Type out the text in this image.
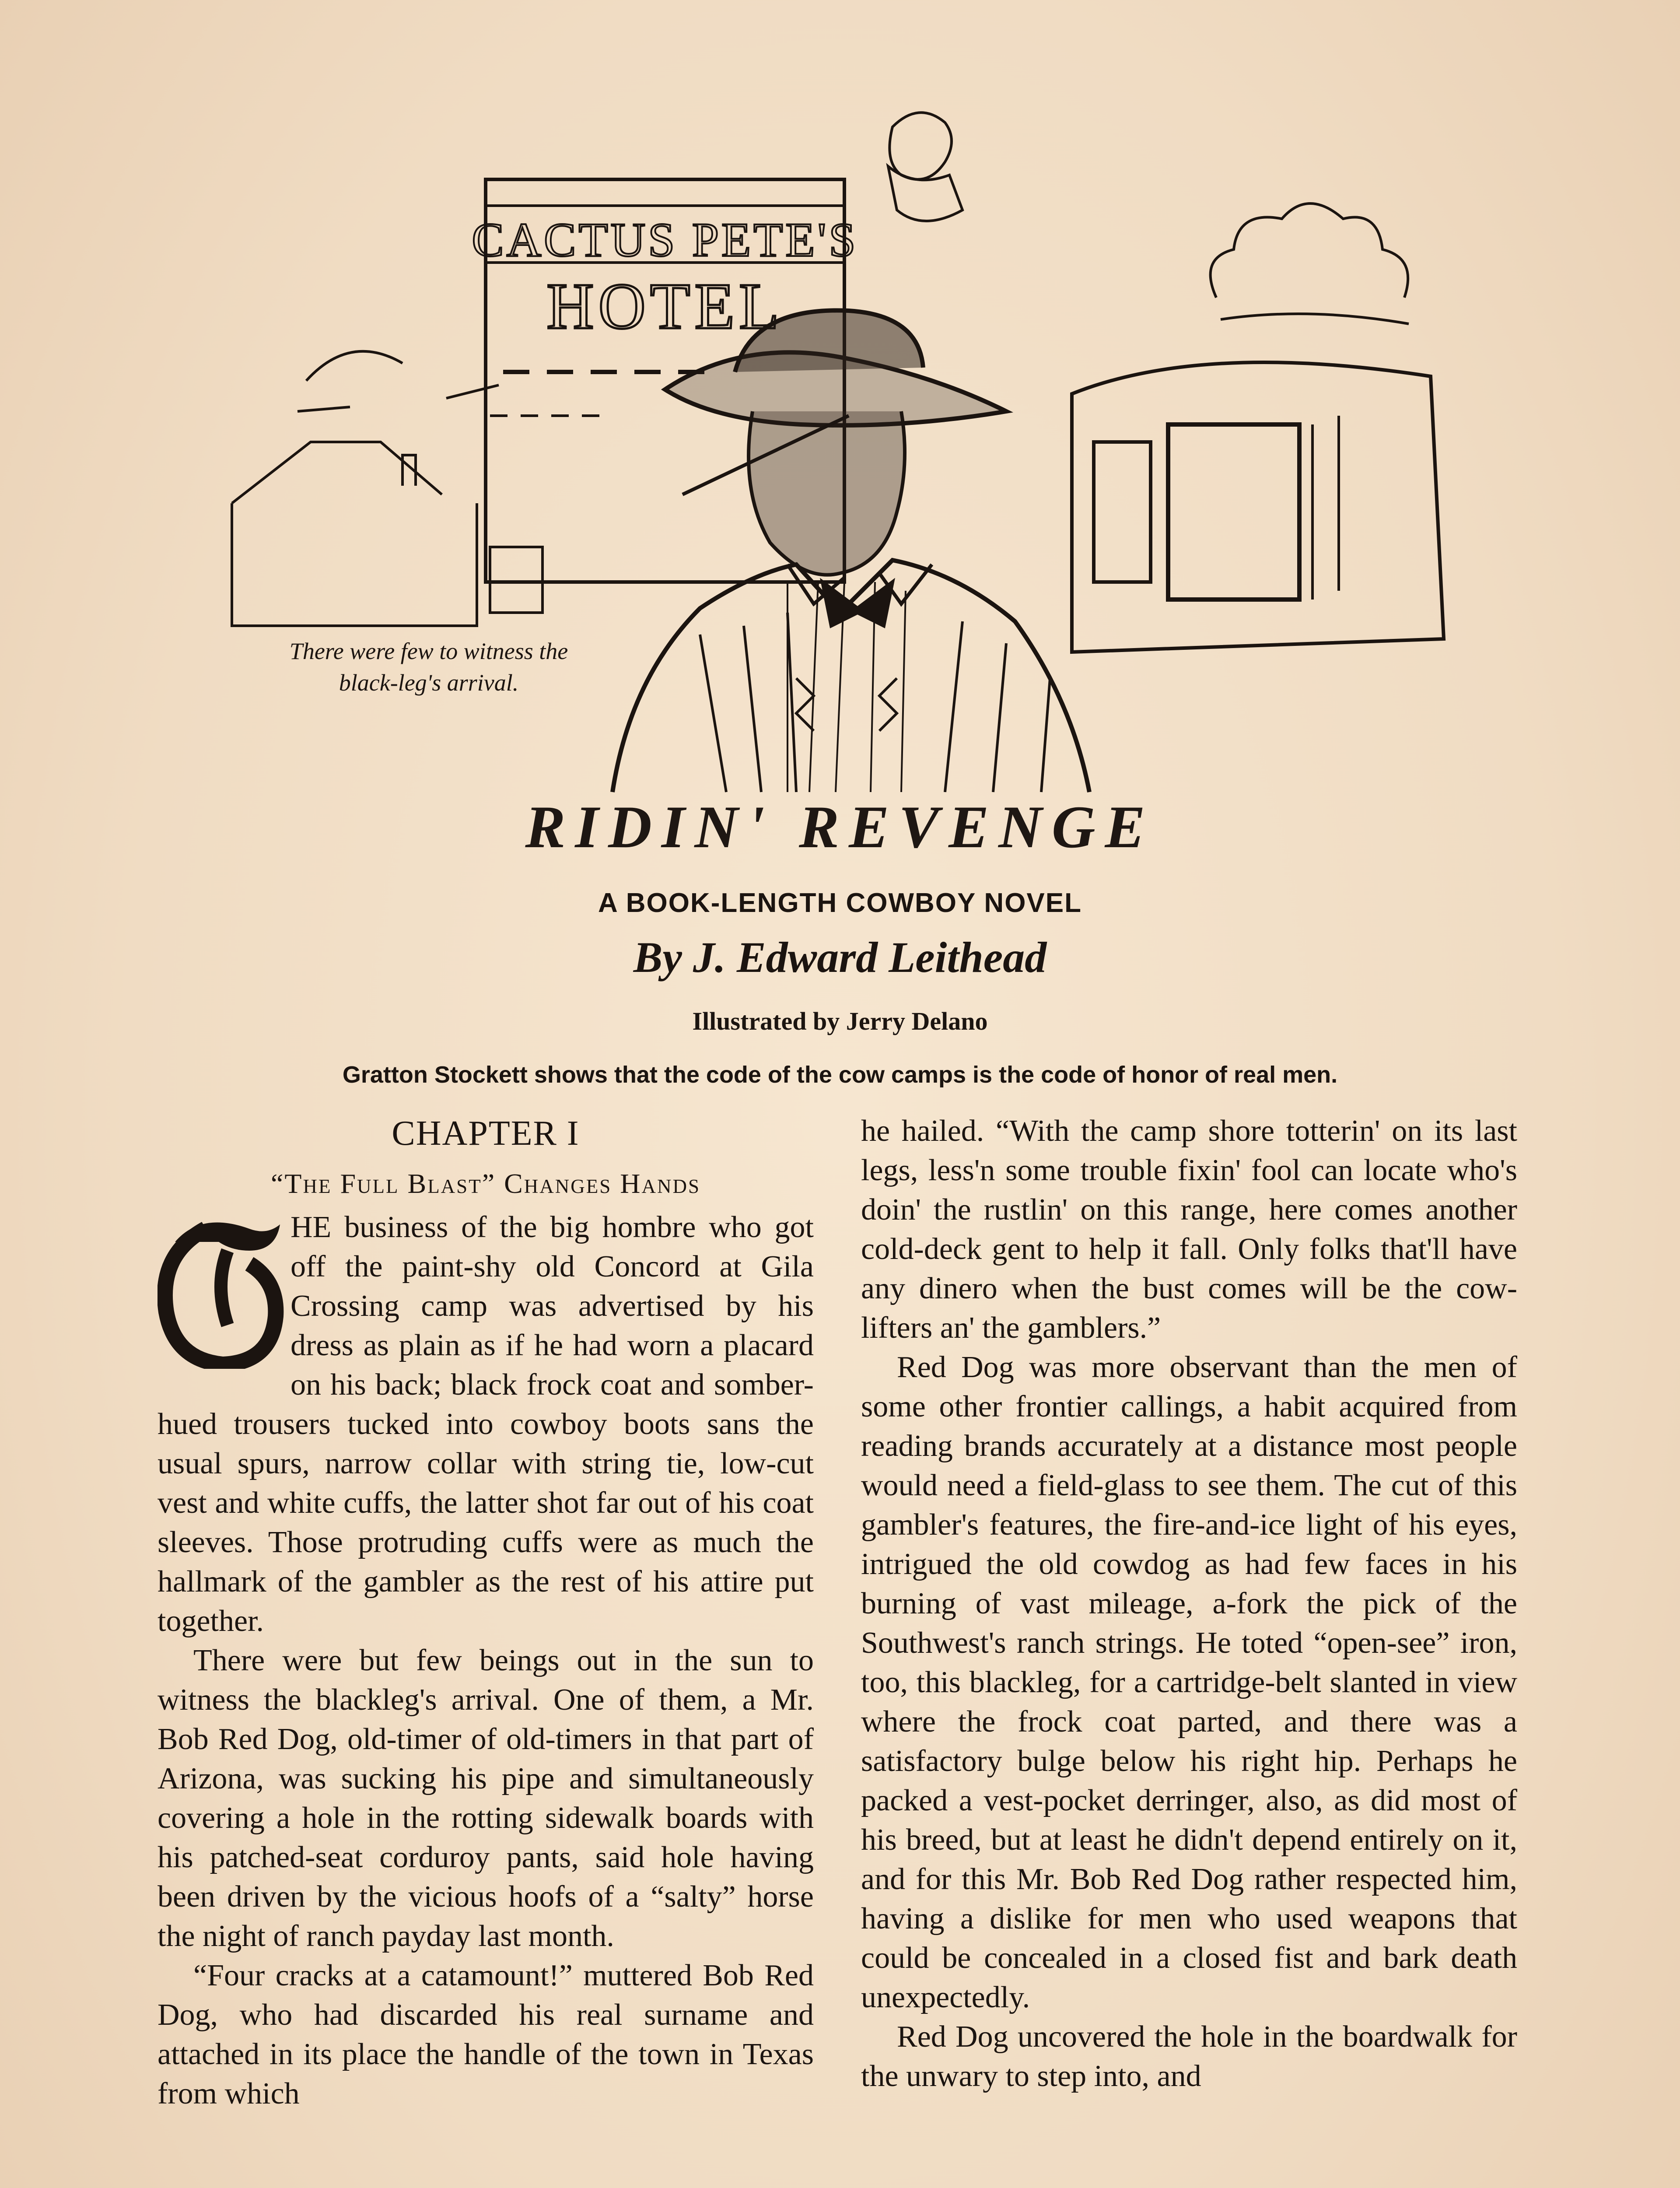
CACTUS PETE'S
HOTEL
There were few to witness the black-leg's arrival.
RIDIN' REVENGE
A BOOK-LENGTH COWBOY NOVEL
By J. Edward Leithead
Illustrated by Jerry Delano
Gratton Stockett shows that the code of the cow camps is the code of honor of real men.

CHAPTER I

“The Full Blast” Changes Hands

T

HE business of the big hombre who got off the paint-shy old Concord at Gila Crossing camp was advertised by his dress as plain as if he had worn a placard on his back; black frock coat and somber-hued trousers tucked into cowboy boots sans the usual spurs, narrow collar with string tie, low-cut vest and white cuffs, the latter shot far out of his coat sleeves. Those protruding cuffs were as much the hallmark of the gambler as the rest of his attire put together.

There were but few beings out in the sun to witness the blackleg's arrival. One of them, a Mr. Bob Red Dog, old-timer of old-timers in that part of Arizona, was sucking his pipe and simultaneously covering a hole in the rotting sidewalk boards with his patched-seat corduroy pants, said hole having been driven by the vicious hoofs of a “salty” horse the night of ranch payday last month.

“Four cracks at a catamount!” muttered Bob Red Dog, who had discarded his real surname and attached in its place the handle of the town in Texas from which

he hailed. “With the camp shore totterin' on its last legs, less'n some trouble fixin' fool can locate who's doin' the rustlin' on this range, here comes another cold-deck gent to help it fall. Only folks that'll have any dinero when the bust comes will be the cow-lifters an' the gamblers.”

Red Dog was more observant than the men of some other frontier callings, a habit acquired from reading brands accurately at a distance most people would need a field-glass to see them. The cut of this gambler's features, the fire-and-ice light of his eyes, intrigued the old cowdog as had few faces in his burning of vast mileage, a-fork the pick of the Southwest's ranch strings. He toted “open-see” iron, too, this blackleg, for a cartridge-belt slanted in view where the frock coat parted, and there was a satisfactory bulge below his right hip. Perhaps he packed a vest-pocket derringer, also, as did most of his breed, but at least he didn't depend entirely on it, and for this Mr. Bob Red Dog rather respected him, having a dislike for men who used weapons that could be concealed in a closed fist and bark death unexpectedly.

Red Dog uncovered the hole in the boardwalk for the unwary to step into, and
